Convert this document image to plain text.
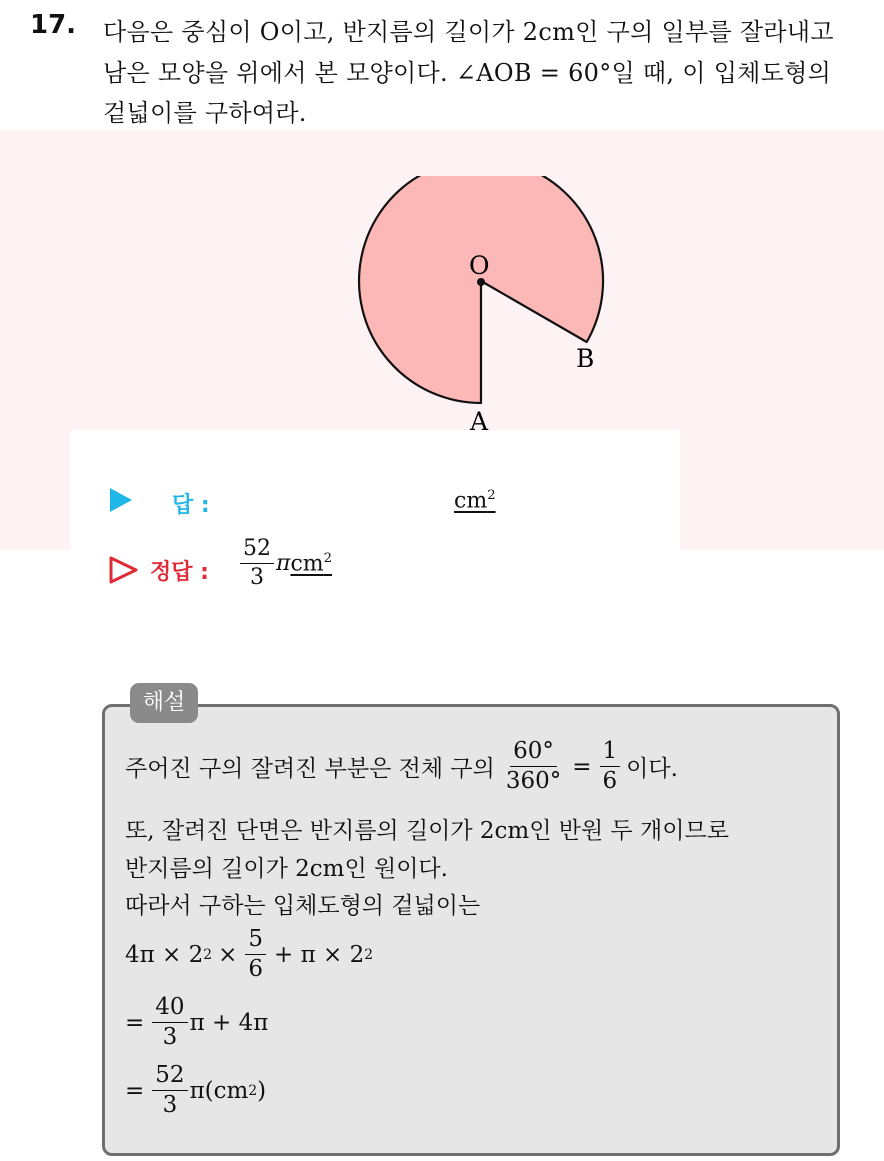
17. 다음은 중심이 O이고, 반지름의 길이가 2cm인 구의 일부를 잘라내고
남은 모양을 위에서 본 모양이다. ∠AOB = 60°일 때, 이 입체도형의
겉넓이를 구하여라.
O
B
A
답 :	$cm^2$
정답 : $\frac{52}{3}$ π $cm^2$
해설
주어진 구의 잘려진 부분은 전체 구의 $\frac{60^\circ}{360^\circ} = \frac{1}{6}$ 이다.
또, 잘려진 단면은 반지름의 길이가 2cm인 반원 두 개이므로
반지름의 길이가 2cm인 원이다.
따라서 구하는 입체도형의 겉넓이는
4π × 2 $2 \times \frac{5}{6} + \pi \times 2$ 2
= $\frac{40}{3}$ π + 4π
= $\frac{52}{3} \pi(cm$ 2 )
